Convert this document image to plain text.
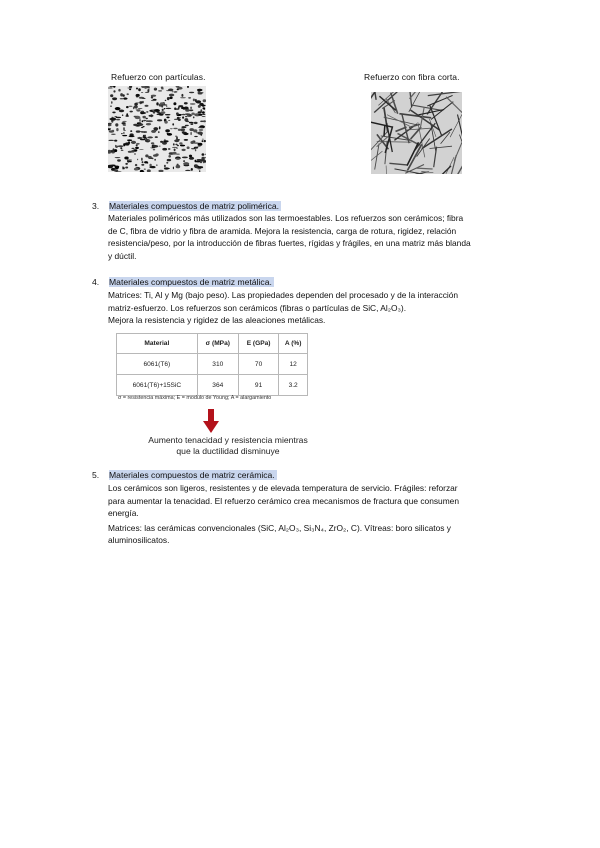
Refuerzo con partículas.	Refuerzo con fibra corta.
3. Materiales compuestos de matriz polimérica.

Materiales poliméricos más utilizados son las termoestables. Los refuerzos son cerámicos; fibra

de C, fibra de vidrio y fibra de aramida. Mejora la resistencia, carga de rotura, rigidez, relación

resistencia/peso, por la introducción de fibras fuertes, rígidas y frágiles, en una matriz más blanda

y dúctil.

4. Materiales compuestos de matriz metálica.

Matrices: Ti, Al y Mg (bajo peso). Las propiedades dependen del procesado y de la interacción

matriz-esfuerzo. Los refuerzos son cerámicos (fibras o partículas de SiC, Al₂O₃).

Mejora la resistencia y rigidez de las aleaciones metálicas.

Material	σ (MPa)	E (GPa)	A (%)
6061(T6)	310	70	12
6061(T6)+15SiC	364	91	3.2
σ = resistencia máxima; E = modulo de Young; A = alargamiento
Aumento tenacidad y resistencia mientras
que la ductilidad disminuye
5. Materiales compuestos de matriz cerámica.

Los cerámicos son ligeros, resistentes y de elevada temperatura de servicio. Frágiles: reforzar

para aumentar la tenacidad. El refuerzo cerámico crea mecanismos de fractura que consumen

energía.

Matrices: las cerámicas convencionales (SiC, Al₂O₃, Si₃N₄, ZrO₂, C). Vítreas: boro silicatos y

aluminosilicatos.
